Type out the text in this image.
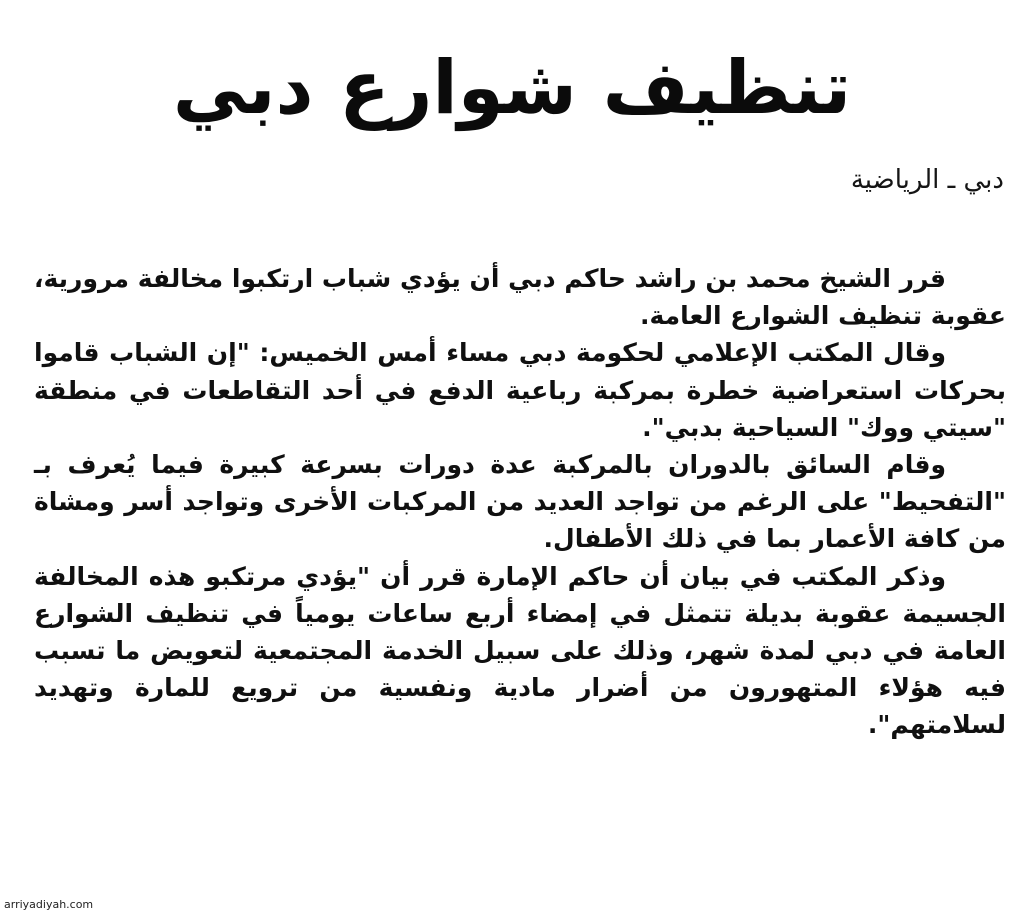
تنظيف شوارع دبي
دبي ـ الرياضية

قرر الشيخ محمد بن راشد حاكم دبي أن يؤدي شباب ارتكبوا مخالفة مرورية، عقوبة تنظيف الشوارع العامة.

وقال المكتب الإعلامي لحكومة دبي مساء أمس الخميس: "إن الشباب قاموا بحركات استعراضية خطرة بمركبة رباعية الدفع في أحد التقاطعات في منطقة "سيتي ووك" السياحية بدبي".

وقام السائق بالدوران بالمركبة عدة دورات بسرعة كبيرة فيما يُعرف بـ "التفحيط" على الرغم من تواجد العديد من المركبات الأخرى وتواجد أسر ومشاة من كافة الأعمار بما في ذلك الأطفال.

وذكر المكتب في بيان أن حاكم الإمارة قرر أن "يؤدي مرتكبو هذه المخالفة الجسيمة عقوبة بديلة تتمثل في إمضاء أربع ساعات يومياً في تنظيف الشوارع العامة في دبي لمدة شهر، وذلك على سبيل الخدمة المجتمعية لتعويض ما تسبب فيه هؤلاء المتهورون من أضرار مادية ونفسية من ترويع للمارة وتهديد لسلامتهم".

arriyadiyah.com
